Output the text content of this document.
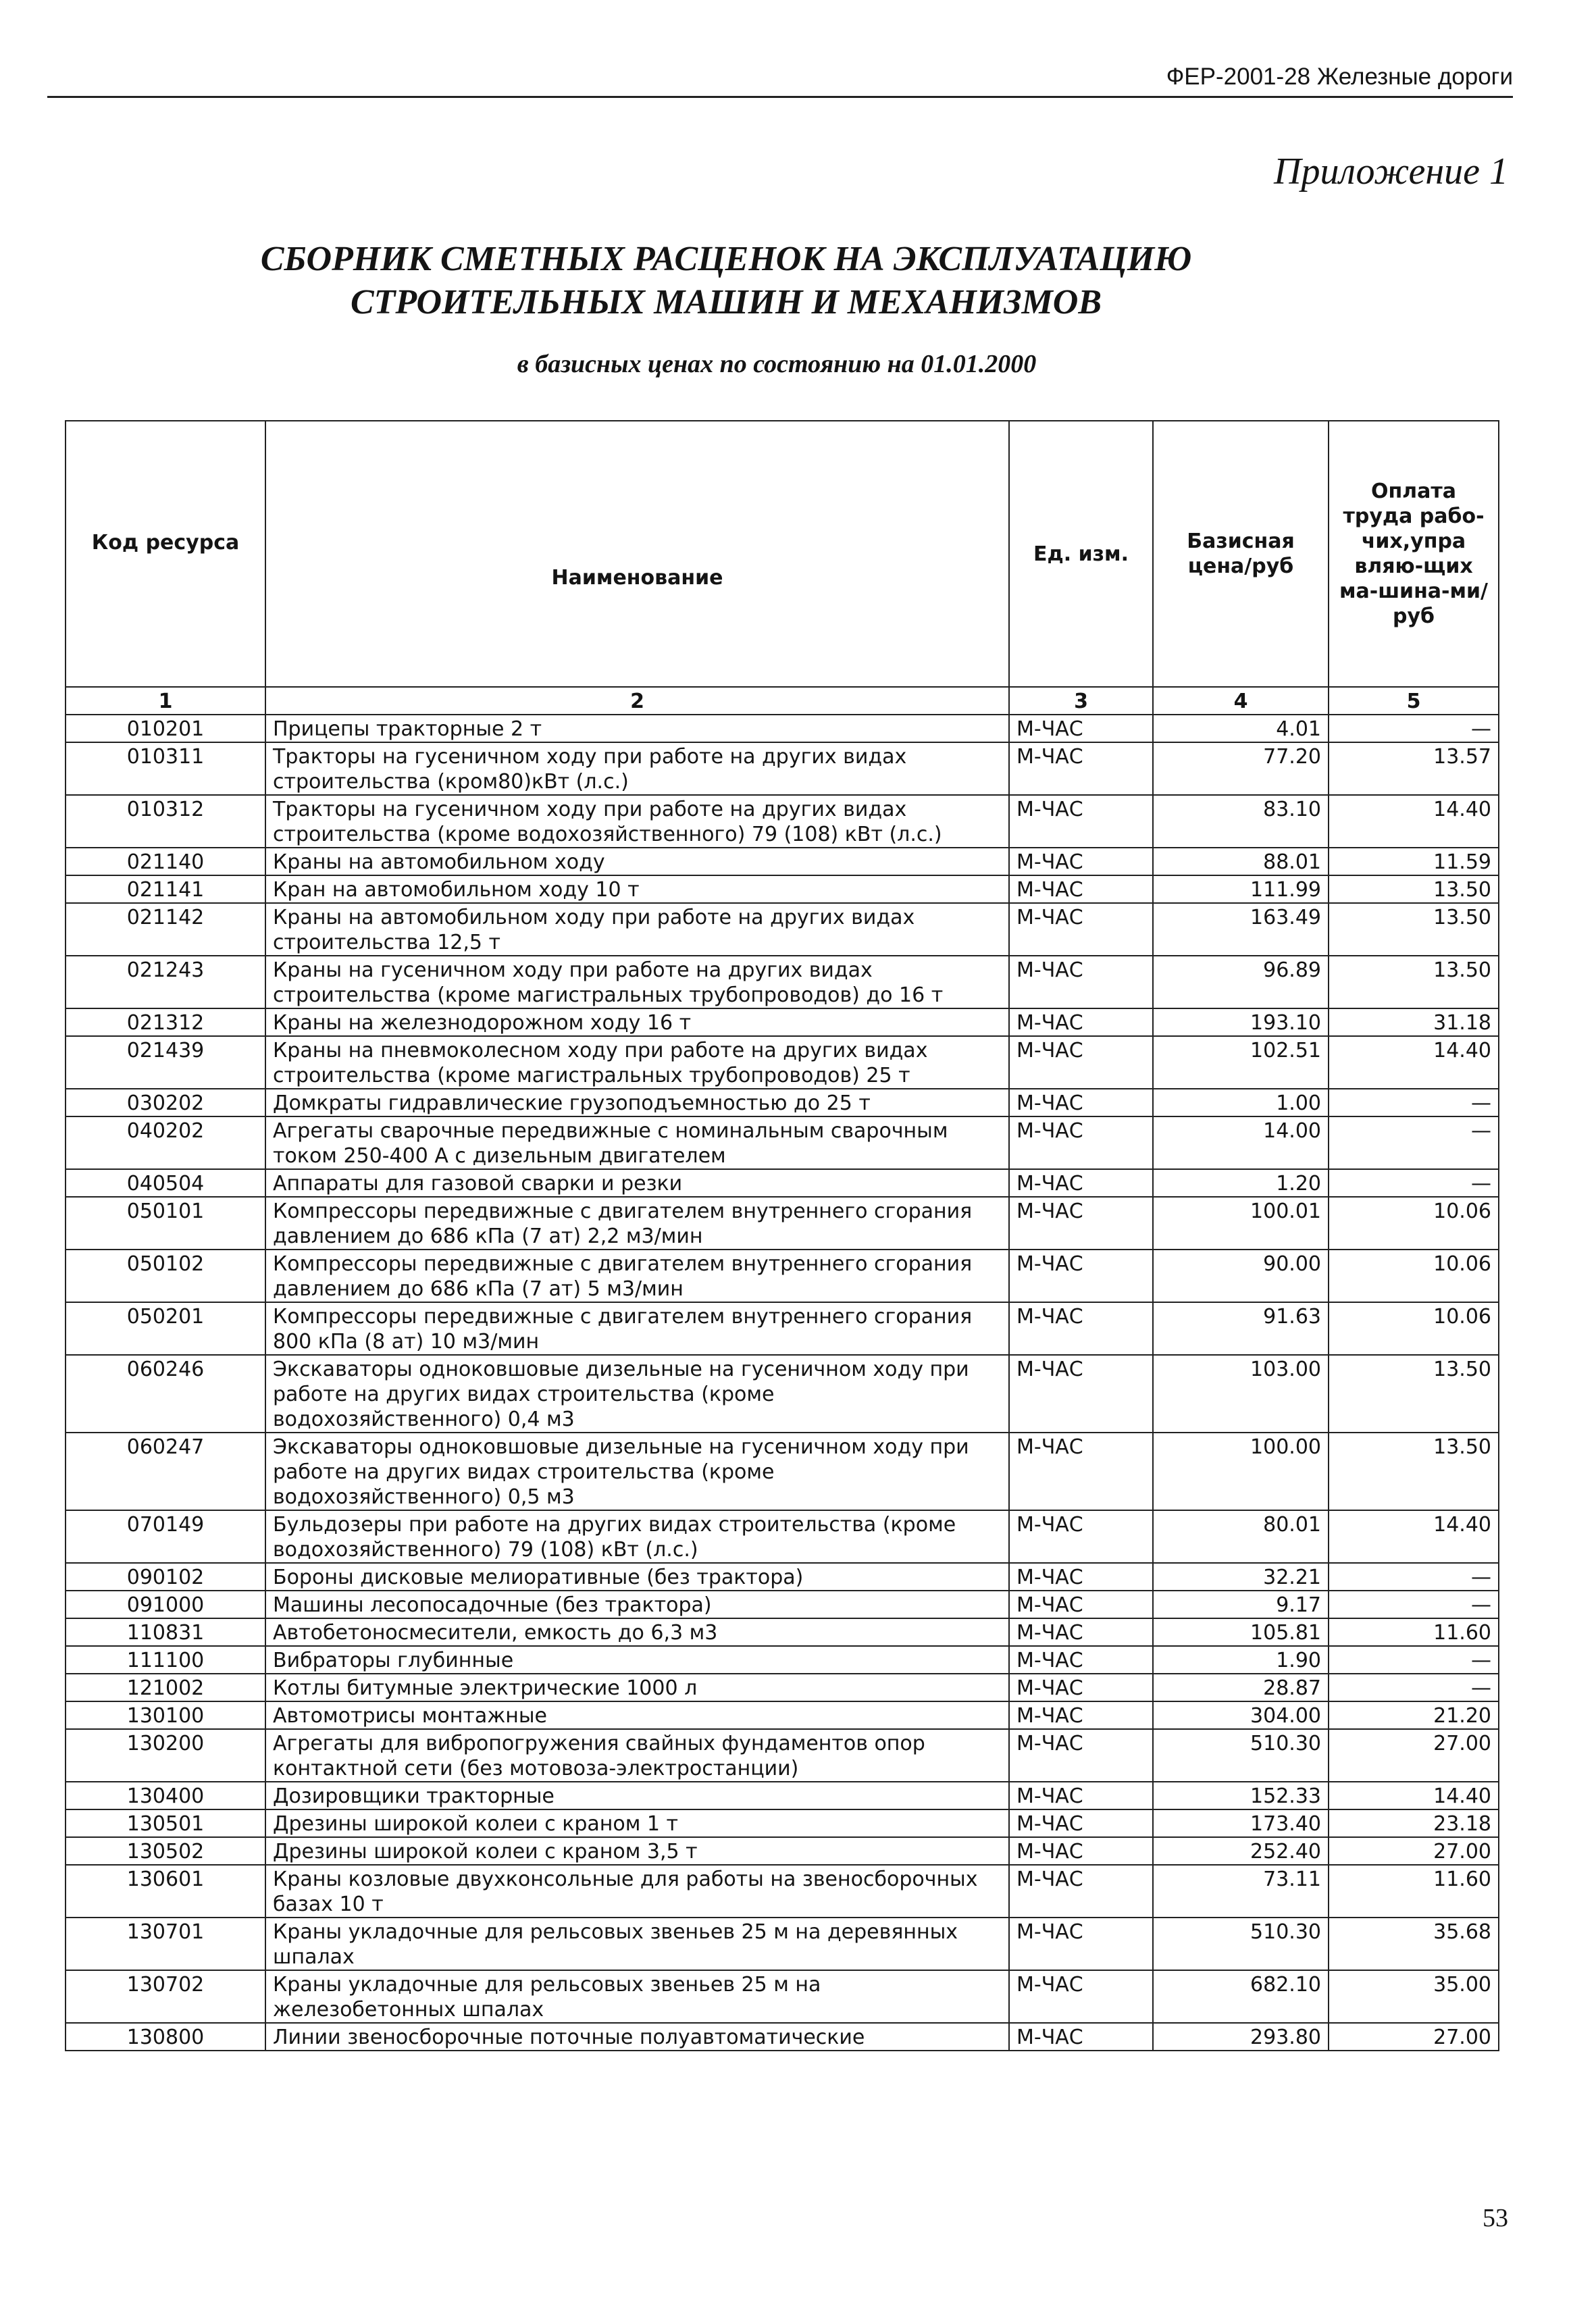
ФЕР-2001-28 Железные дороги
Приложение 1
СБОРНИК СМЕТНЫХ РАСЦЕНОК НА ЭКСПЛУАТАЦИЮ
СТРОИТЕЛЬНЫХ МАШИН И МЕХАНИЗМОВ
в базисных ценах по состоянию на 01.01.2000
Код ресурса	Наименование	Ед. изм.	Базисная цена/руб	Оплата труда рабо-чих,упра вляю-щих ма-шина-ми/руб
1	2	3	4	5
010201	Прицепы тракторные 2 т	М-ЧАС	4.01	—
010311	Тракторы на гусеничном ходу при работе на других видах строительства (кром80)кВт (л.с.)	М-ЧАС	77.20	13.57
010312	Тракторы на гусеничном ходу при работе на других видах строительства (кроме водохозяйственного) 79 (108) кВт (л.с.)	М-ЧАС	83.10	14.40
021140	Краны на автомобильном ходу	М-ЧАС	88.01	11.59
021141	Кран на автомобильном ходу 10 т	М-ЧАС	111.99	13.50
021142	Краны на автомобильном ходу при работе на других видах строительства 12,5 т	М-ЧАС	163.49	13.50
021243	Краны на гусеничном ходу при работе на других видах строительства (кроме магистральных трубопроводов) до 16 т	М-ЧАС	96.89	13.50
021312	Краны на железнодорожном ходу 16 т	М-ЧАС	193.10	31.18
021439	Краны на пневмоколесном ходу при работе на других видах строительства (кроме магистральных трубопроводов) 25 т	М-ЧАС	102.51	14.40
030202	Домкраты гидравлические грузоподъемностью до 25 т	М-ЧАС	1.00	—
040202	Агрегаты сварочные передвижные с номинальным сварочным током 250-400 А с дизельным двигателем	М-ЧАС	14.00	—
040504	Аппараты для газовой сварки и резки	М-ЧАС	1.20	—
050101	Компрессоры передвижные с двигателем внутреннего сгорания давлением до 686 кПа (7 ат) 2,2 м3/мин	М-ЧАС	100.01	10.06
050102	Компрессоры передвижные с двигателем внутреннего сгорания давлением до 686 кПа (7 ат) 5 м3/мин	М-ЧАС	90.00	10.06
050201	Компрессоры передвижные с двигателем внутреннего сгорания 800 кПа (8 ат) 10 м3/мин	М-ЧАС	91.63	10.06
060246	Экскаваторы одноковшовые дизельные на гусеничном ходу при работе на других видах строительства (кроме водохозяйственного) 0,4 м3	М-ЧАС	103.00	13.50
060247	Экскаваторы одноковшовые дизельные на гусеничном ходу при работе на других видах строительства (кроме водохозяйственного) 0,5 м3	М-ЧАС	100.00	13.50
070149	Бульдозеры при работе на других видах строительства (кроме водохозяйственного) 79 (108) кВт (л.с.)	М-ЧАС	80.01	14.40
090102	Бороны дисковые мелиоративные (без трактора)	М-ЧАС	32.21	—
091000	Машины лесопосадочные (без трактора)	М-ЧАС	9.17	—
110831	Автобетоносмесители, емкость до 6,3 м3	М-ЧАС	105.81	11.60
111100	Вибраторы глубинные	М-ЧАС	1.90	—
121002	Котлы битумные электрические 1000 л	М-ЧАС	28.87	—
130100	Автомотрисы монтажные	М-ЧАС	304.00	21.20
130200	Агрегаты для вибропогружения свайных фундаментов опор контактной сети (без мотовоза-электростанции)	М-ЧАС	510.30	27.00
130400	Дозировщики тракторные	М-ЧАС	152.33	14.40
130501	Дрезины широкой колеи с краном 1 т	М-ЧАС	173.40	23.18
130502	Дрезины широкой колеи с краном 3,5 т	М-ЧАС	252.40	27.00
130601	Краны козловые двухконсольные для работы на звеносборочных базах 10 т	М-ЧАС	73.11	11.60
130701	Краны укладочные для рельсовых звеньев 25 м на деревянных шпалах	М-ЧАС	510.30	35.68
130702	Краны укладочные для рельсовых звеньев 25 м на железобетонных шпалах	М-ЧАС	682.10	35.00
130800	Линии звеносборочные поточные полуавтоматические	М-ЧАС	293.80	27.00
53
